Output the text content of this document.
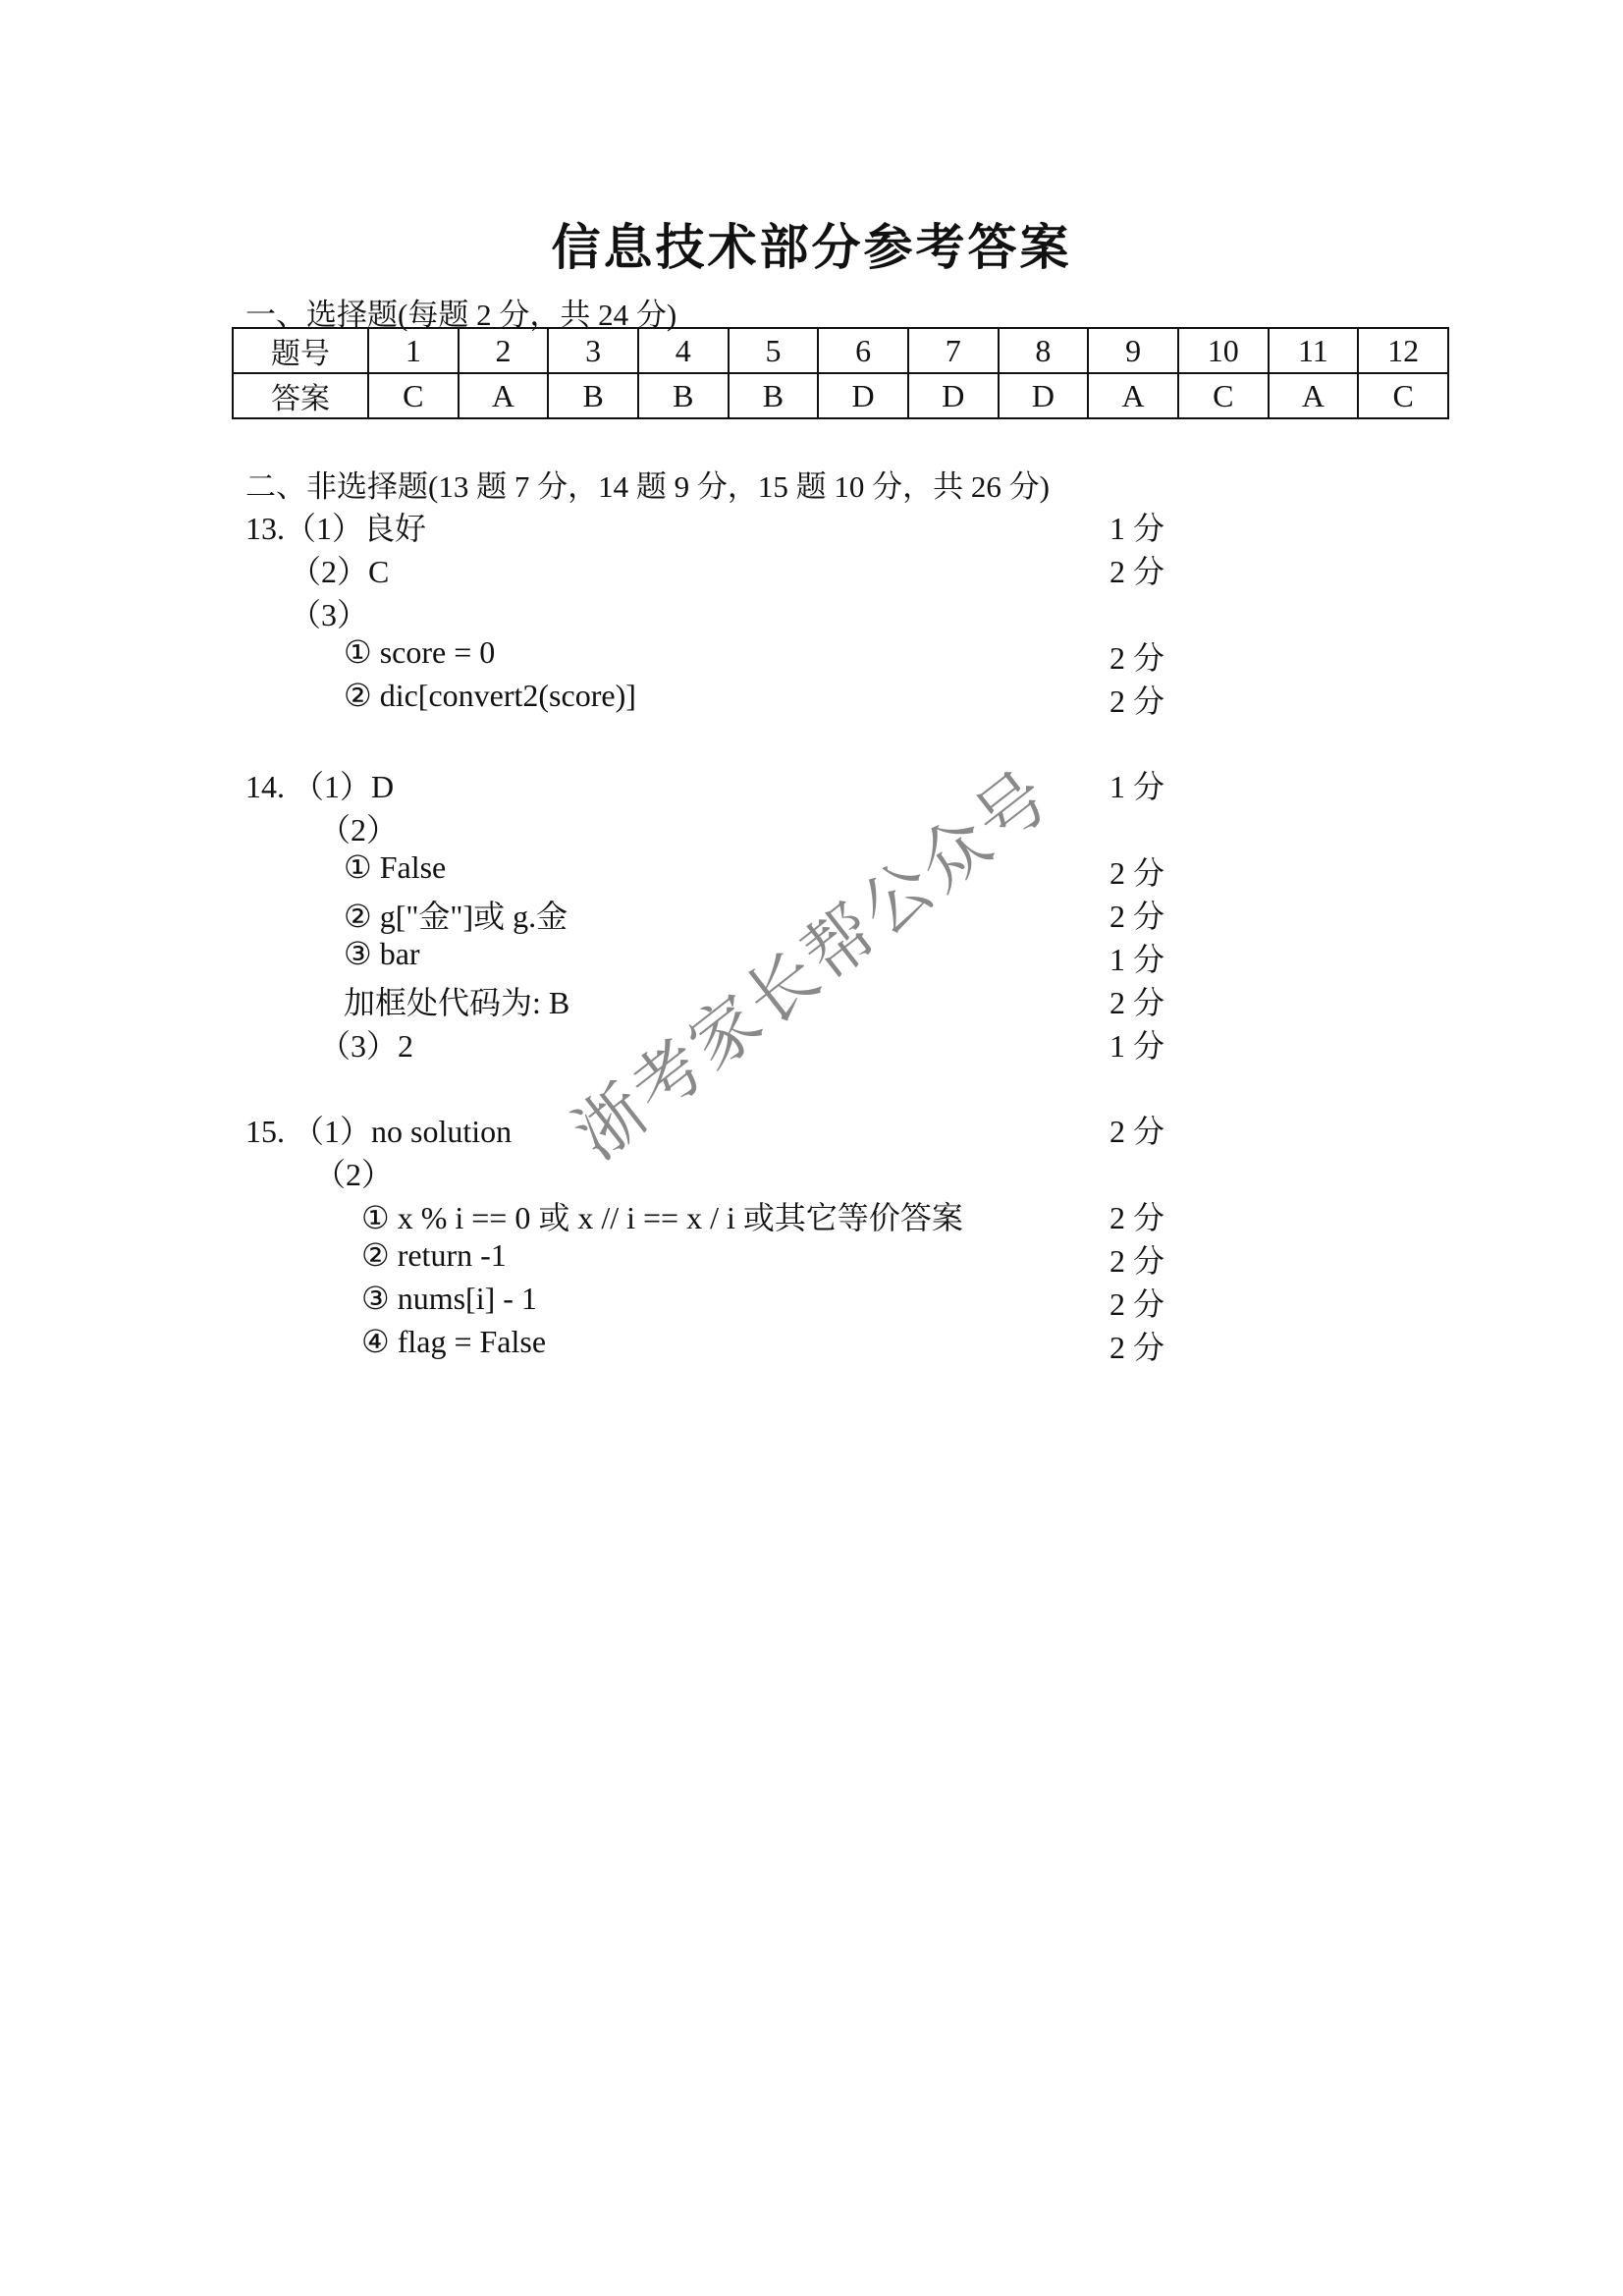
信息技术部分参考答案
一、选择题(每题 2 分，共 24 分)
题号	1	2	3	4	5	6	7	8	9	10	11	12
答案	C	A	B	B	B	D	D	D	A	C	A	C
二、非选择题(13 题 7 分，14 题 9 分，15 题 10 分，共 26 分)
13.（1）良好	1 分
（2）C	2 分
（3）
① score = 0	2 分
② dic[convert2(score)]	2 分
14. （1）D	1 分
（2）
① False	2 分
② g["金"]或 g.金	2 分
③ bar	1 分
加框处代码为: B	2 分
（3）2	1 分
15. （1）no solution	2 分
（2）
① x % i == 0 或 x // i == x / i 或其它等价答案	2 分
② return -1	2 分
③ nums[i] - 1	2 分
④ flag = False	2 分
浙考家长帮公众号
